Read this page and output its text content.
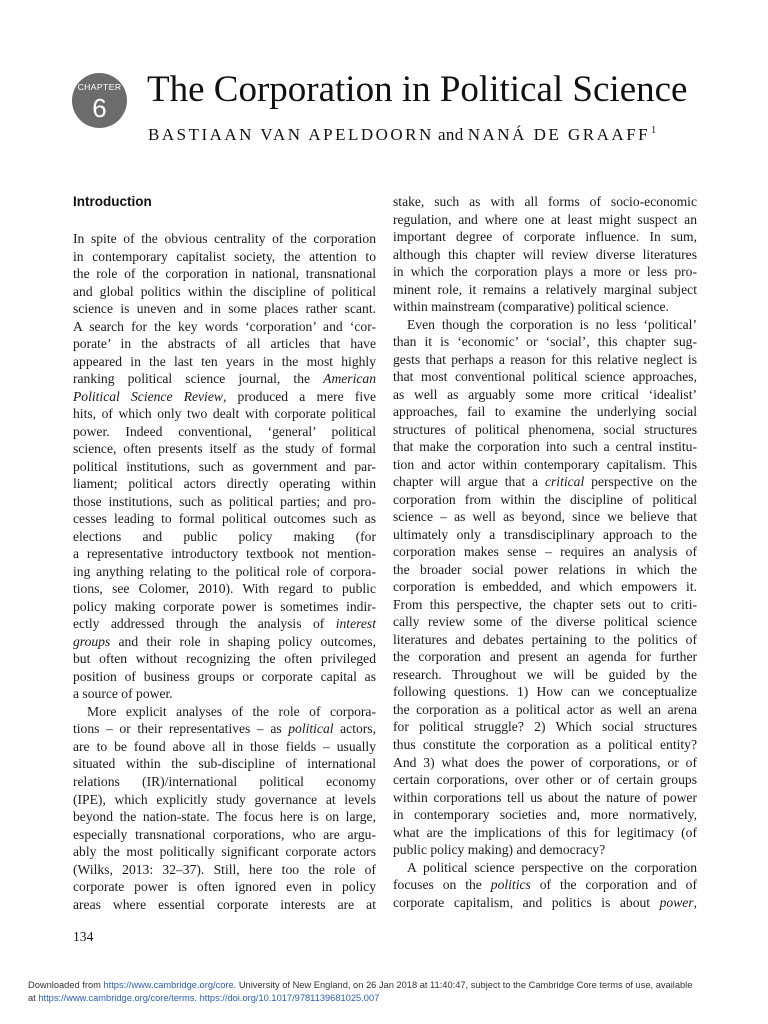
CHAPTER
6	The Corporation in Political Science
BASTIAAN VAN APELDOORN and NANÁ DE GRAAFF$^1$
Introduction
In spite of the obvious centrality of the corporation
in contemporary capitalist society, the attention to
the role of the corporation in national, transnational
and global politics within the discipline of political
science is uneven and in some places rather scant.
A search for the key words ‘corporation’ and ‘cor-
porate’ in the abstracts of all articles that have
appeared in the last ten years in the most highly
ranking political science journal, the American
Political Science Review, produced a mere five
hits, of which only two dealt with corporate political
power. Indeed conventional, ‘general’ political
science, often presents itself as the study of formal
political institutions, such as government and par-
liament; political actors directly operating within
those institutions, such as political parties; and pro-
cesses leading to formal political outcomes such as
elections and public policy making (for
a representative introductory textbook not mention-
ing anything relating to the political role of corpora-
tions, see Colomer, 2010). With regard to public
policy making corporate power is sometimes indir-
ectly addressed through the analysis of interest
groups and their role in shaping policy outcomes,
but often without recognizing the often privileged
position of business groups or corporate capital as
a source of power.
More explicit analyses of the role of corpora-
tions – or their representatives – as political actors,
are to be found above all in those fields – usually
situated within the sub-discipline of international
relations (IR)/international political economy
(IPE), which explicitly study governance at levels
beyond the nation-state. The focus here is on large,
especially transnational corporations, who are argu-
ably the most politically significant corporate actors
(Wilks, 2013: 32–37). Still, here too the role of
corporate power is often ignored even in policy
areas where essential corporate interests are at
stake, such as with all forms of socio-economic
regulation, and where one at least might suspect an
important degree of corporate influence. In sum,
although this chapter will review diverse literatures
in which the corporation plays a more or less pro-
minent role, it remains a relatively marginal subject
within mainstream (comparative) political science.
Even though the corporation is no less ‘political’
than it is ‘economic’ or ‘social’, this chapter sug-
gests that perhaps a reason for this relative neglect is
that most conventional political science approaches,
as well as arguably some more critical ‘idealist’
approaches, fail to examine the underlying social
structures of political phenomena, social structures
that make the corporation into such a central institu-
tion and actor within contemporary capitalism. This
chapter will argue that a critical perspective on the
corporation from within the discipline of political
science – as well as beyond, since we believe that
ultimately only a transdisciplinary approach to the
corporation makes sense – requires an analysis of
the broader social power relations in which the
corporation is embedded, and which empowers it.
From this perspective, the chapter sets out to criti-
cally review some of the diverse political science
literatures and debates pertaining to the politics of
the corporation and present an agenda for further
research. Throughout we will be guided by the
following questions. 1) How can we conceptualize
the corporation as a political actor as well an arena
for political struggle? 2) Which social structures
thus constitute the corporation as a political entity?
And 3) what does the power of corporations, or of
certain corporations, over other or of certain groups
within corporations tell us about the nature of power
in contemporary societies and, more normatively,
what are the implications of this for legitimacy (of
public policy making) and democracy?
A political science perspective on the corporation
focuses on the politics of the corporation and of
corporate capitalism, and politics is about power,
134
Downloaded from https://www.cambridge.org/core. University of New England, on 26 Jan 2018 at 11:40:47, subject to the Cambridge Core terms of use, available
at https://www.cambridge.org/core/terms. https://doi.org/10.1017/9781139681025.007
